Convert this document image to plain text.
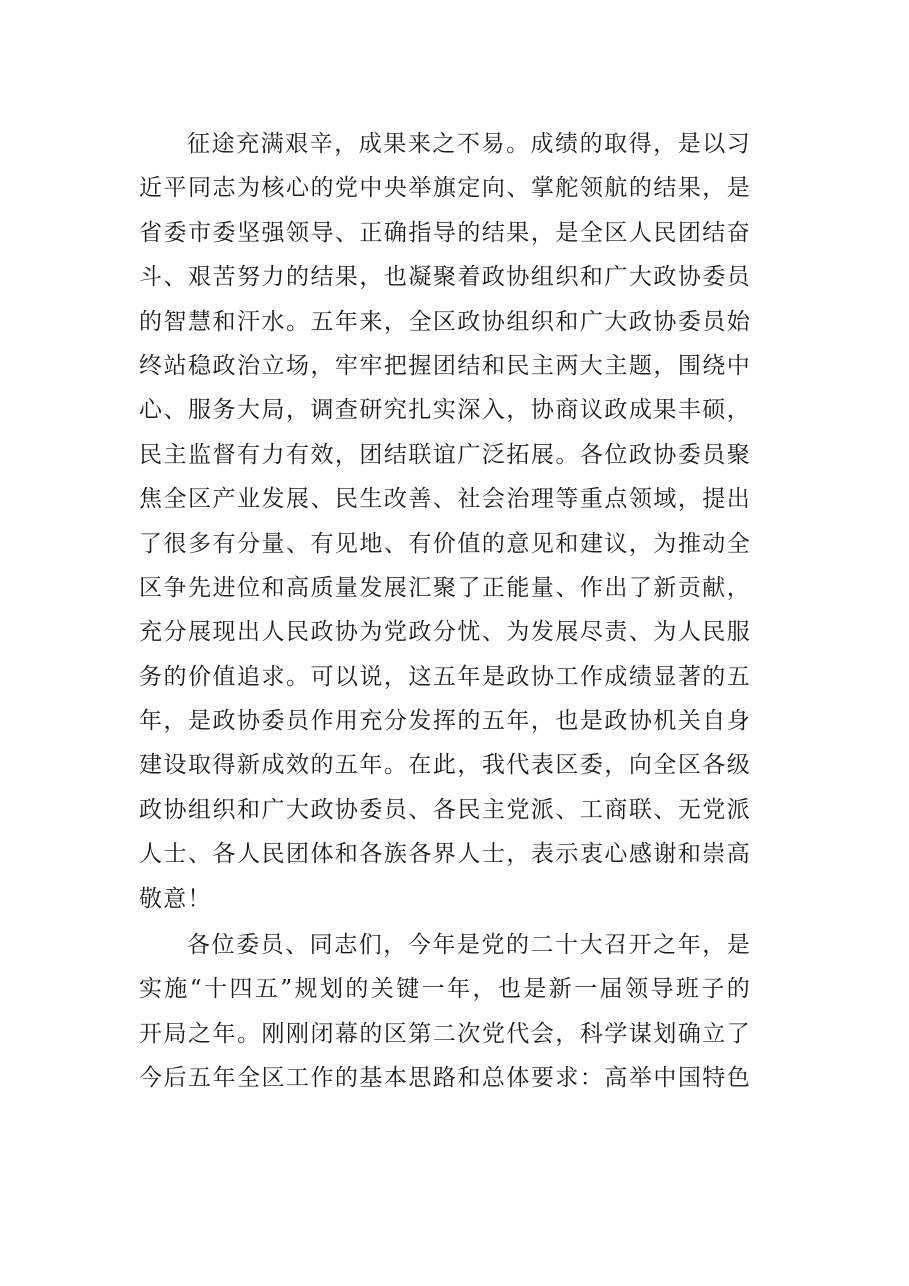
征途充满艰辛，成果来之不易。成绩的取得，是以习
近平同志为核心的党中央举旗定向、掌舵领航的结果，是
省委市委坚强领导、正确指导的结果，是全区人民团结奋
斗、艰苦努力的结果，也凝聚着政协组织和广大政协委员
的智慧和汗水。五年来，全区政协组织和广大政协委员始
终站稳政治立场，牢牢把握团结和民主两大主题，围绕中
心、服务大局，调查研究扎实深入，协商议政成果丰硕，
民主监督有力有效，团结联谊广泛拓展。各位政协委员聚
焦全区产业发展、民生改善、社会治理等重点领域，提出
了很多有分量、有见地、有价值的意见和建议，为推动全
区争先进位和高质量发展汇聚了正能量、作出了新贡献，
充分展现出人民政协为党政分忧、为发展尽责、为人民服
务的价值追求。可以说，这五年是政协工作成绩显著的五
年，是政协委员作用充分发挥的五年，也是政协机关自身
建设取得新成效的五年。在此，我代表区委，向全区各级
政协组织和广大政协委员、各民主党派、工商联、无党派
人士、各人民团体和各族各界人士，表示衷心感谢和崇高
敬意！
各位委员、同志们，今年是党的二十大召开之年，是
实施“十四五”规划的关键一年，也是新一届领导班子的
开局之年。刚刚闭幕的区第二次党代会，科学谋划确立了
今后五年全区工作的基本思路和总体要求：高举中国特色
